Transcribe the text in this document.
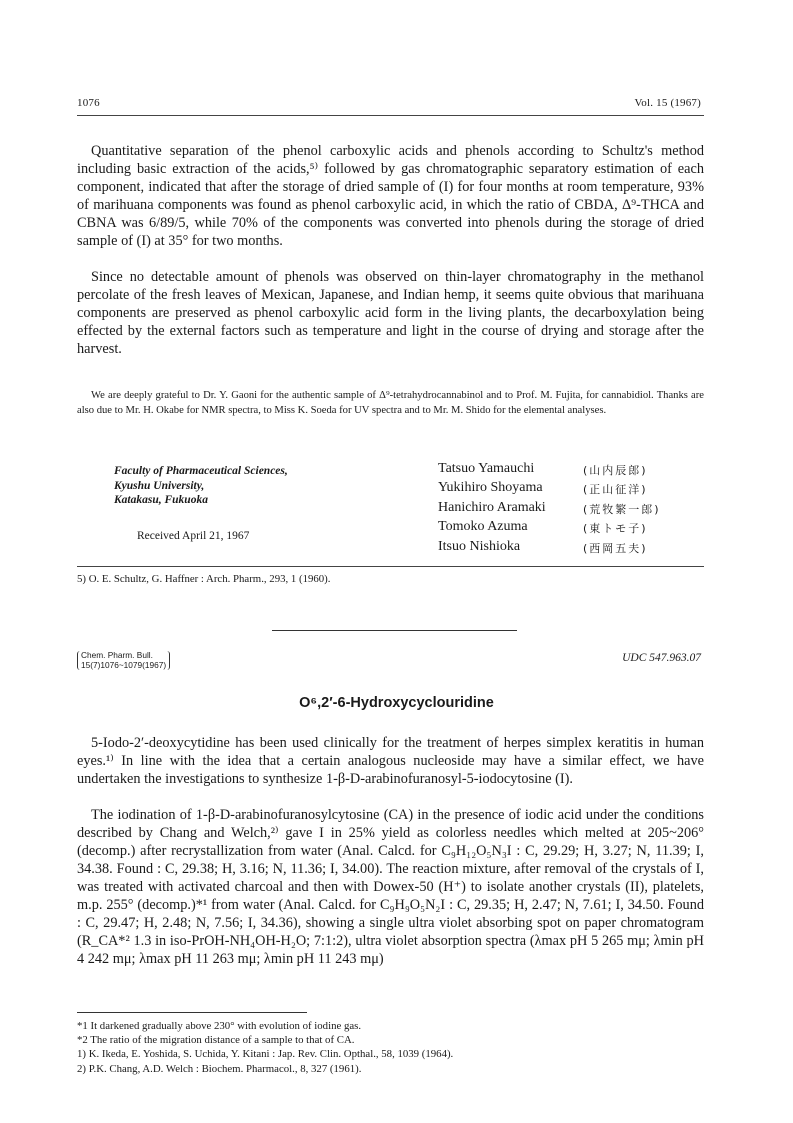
1076	Vol. 15 (1967)

Quantitative separation of the phenol carboxylic acids and phenols according to Schultz's method including basic extraction of the acids,⁵⁾ followed by gas chromatographic separatory estimation of each component, indicated that after the storage of dried sample of (I) for four months at room temperature, 93% of marihuana components was found as phenol carboxylic acid, in which the ratio of CBDA, Δ⁹-THCA and CBNA was 6/89/5, while 70% of the components was converted into phenols during the storage of dried sample of (I) at 35° for two months.

Since no detectable amount of phenols was observed on thin-layer chromatography in the methanol percolate of the fresh leaves of Mexican, Japanese, and Indian hemp, it seems quite obvious that marihuana components are preserved as phenol carboxylic acid form in the living plants, the decarboxylation being effected by the external factors such as temperature and light in the course of drying and storage after the harvest.

We are deeply grateful to Dr. Y. Gaoni for the authentic sample of Δ⁹-tetrahydrocannabinol and to Prof. M. Fujita, for cannabidiol. Thanks are also due to Mr. H. Okabe for NMR spectra, to Miss K. Soeda for UV spectra and to Mr. M. Shido for the elemental analyses.

Faculty of Pharmaceutical Sciences,
Kyushu University,
Katakasu, Fukuoka
Received April 21, 1967
Tatsuo Yamauchi	(山内辰郎)
Yukihiro Shoyama	(正山征洋)
Hanichiro Aramaki	(荒牧繁一郎)
Tomoko Azuma	(東トモ子)
Itsuo Nishioka	(西岡五夫)
5) O. E. Schultz, G. Haffner : Arch. Pharm., 293, 1 (1960).
Chem. Pharm. Bull.
15(7)1076~1079(1967)
UDC 547.963.07
O⁶,2′-6-Hydroxycyclouridine

5-Iodo-2′-deoxycytidine has been used clinically for the treatment of herpes simplex keratitis in human eyes.¹⁾ In line with the idea that a certain analogous nucleoside may have a similar effect, we have undertaken the investigations to synthesize 1-β-D-arabinofuranosyl-5-iodocytosine (I).

The iodination of 1-β-D-arabinofuranosylcytosine (CA) in the presence of iodic acid under the conditions described by Chang and Welch,²⁾ gave I in 25% yield as colorless needles which melted at 205~206° (decomp.) after recrystallization from water (Anal. Calcd. for C₉H₁₂O₅N₃I : C, 29.29; H, 3.27; N, 11.39; I, 34.38. Found : C, 29.38; H, 3.16; N, 11.36; I, 34.00). The reaction mixture, after removal of the crystals of I, was treated with activated charcoal and then with Dowex-50 (H⁺) to isolate another crystals (II), platelets, m.p. 255° (decomp.)*¹ from water (Anal. Calcd. for C₉H₉O₅N₂I : C, 29.35; H, 2.47; N, 7.61; I, 34.50. Found : C, 29.47; H, 2.48; N, 7.56; I, 34.36), showing a single ultra violet absorbing spot on paper chromatogram (R_CA*² 1.3 in iso-PrOH-NH₄OH-H₂O; 7:1:2), ultra violet absorption spectra (λmax pH 5 265 mμ; λmin pH 4 242 mμ; λmax pH 11 263 mμ; λmin pH 11 243 mμ)

*1 It darkened gradually above 230° with evolution of iodine gas.
*2 The ratio of the migration distance of a sample to that of CA.
1) K. Ikeda, E. Yoshida, S. Uchida, Y. Kitani : Jap. Rev. Clin. Opthal., 58, 1039 (1964).
2) P.K. Chang, A.D. Welch : Biochem. Pharmacol., 8, 327 (1961).
